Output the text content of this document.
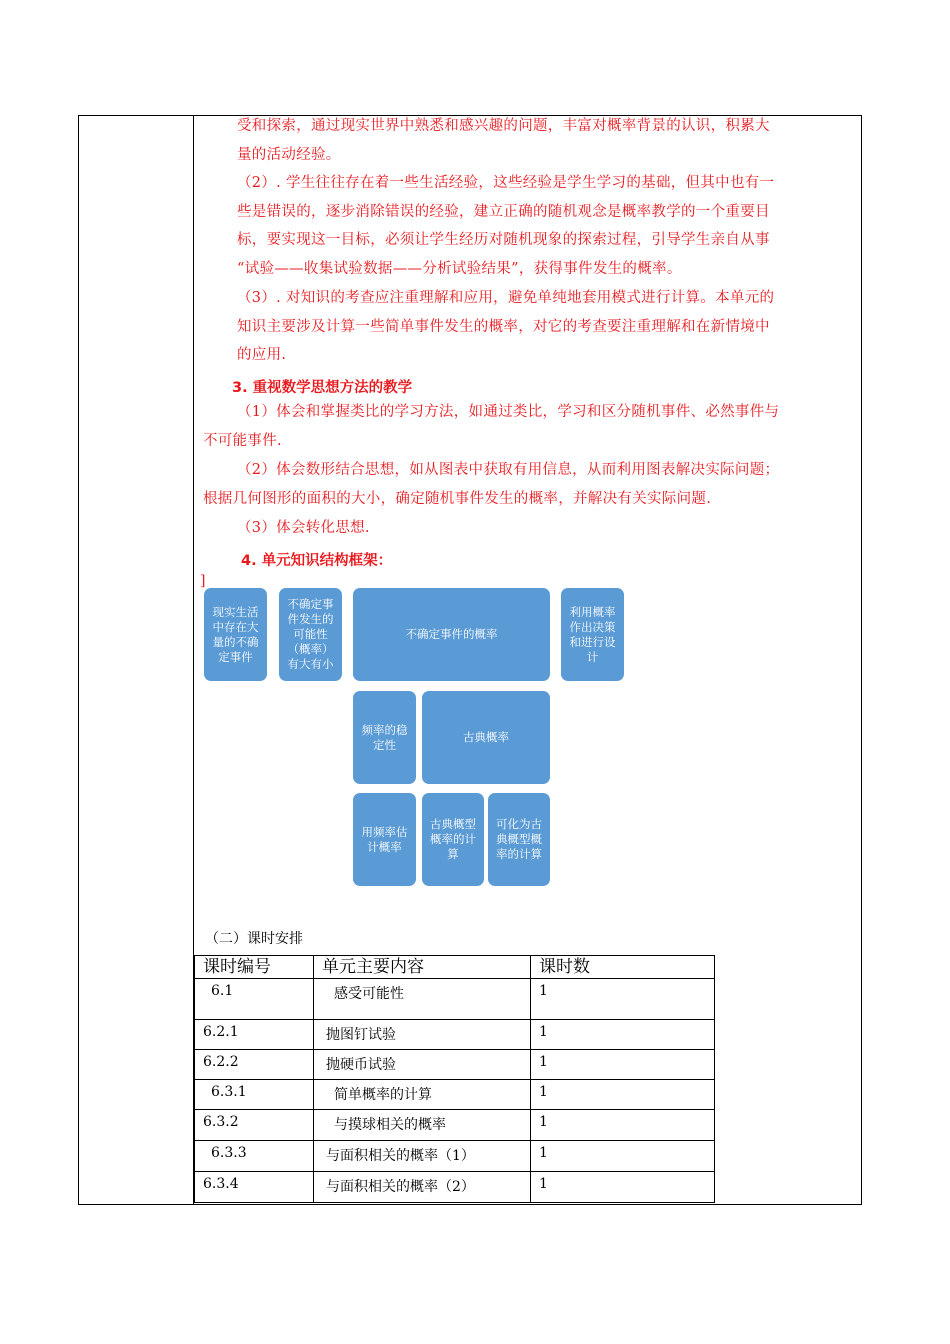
受和探索，通过现实世界中熟悉和感兴趣的问题，丰富对概率背景的认识，积累大
量的活动经验。
（2）. 学生往往存在着一些生活经验，这些经验是学生学习的基础，但其中也有一
些是错误的，逐步消除错误的经验，建立正确的随机观念是概率教学的一个重要目
标，要实现这一目标，必须让学生经历对随机现象的探索过程，引导学生亲自从事
“试验——收集试验数据——分析试验结果”，获得事件发生的概率。
（3）. 对知识的考查应注重理解和应用，避免单纯地套用模式进行计算。本单元的
知识主要涉及计算一些简单事件发生的概率，对它的考查要注重理解和在新情境中
的应用.
3. 重视数学思想方法的教学
（1）体会和掌握类比的学习方法，如通过类比，学习和区分随机事件、必然事件与
不可能事件.
（2）体会数形结合思想，如从图表中获取有用信息，从而利用图表解决实际问题；
根据几何图形的面积的大小，确定随机事件发生的概率，并解决有关实际问题.
（3）体会转化思想.
4. 单元知识结构框架：
]
现实生活中存在大量的不确定事件
不确定事件发生的可能性（概率）有大有小
不确定事件的概率
利用概率作出决策和进行设计
频率的稳定性
古典概率
用频率估计概率
古典概型概率的计算
可化为古典概型概率的计算
（二）课时安排
课时编号	单元主要内容	课时数
6.1	感受可能性	1
6.2.1	抛图钉试验	1
6.2.2	抛硬币试验	1
6.3.1	简单概率的计算	1
6.3.2	与摸球相关的概率	1
6.3.3	与面积相关的概率（1）	1
6.3.4	与面积相关的概率（2）	1
